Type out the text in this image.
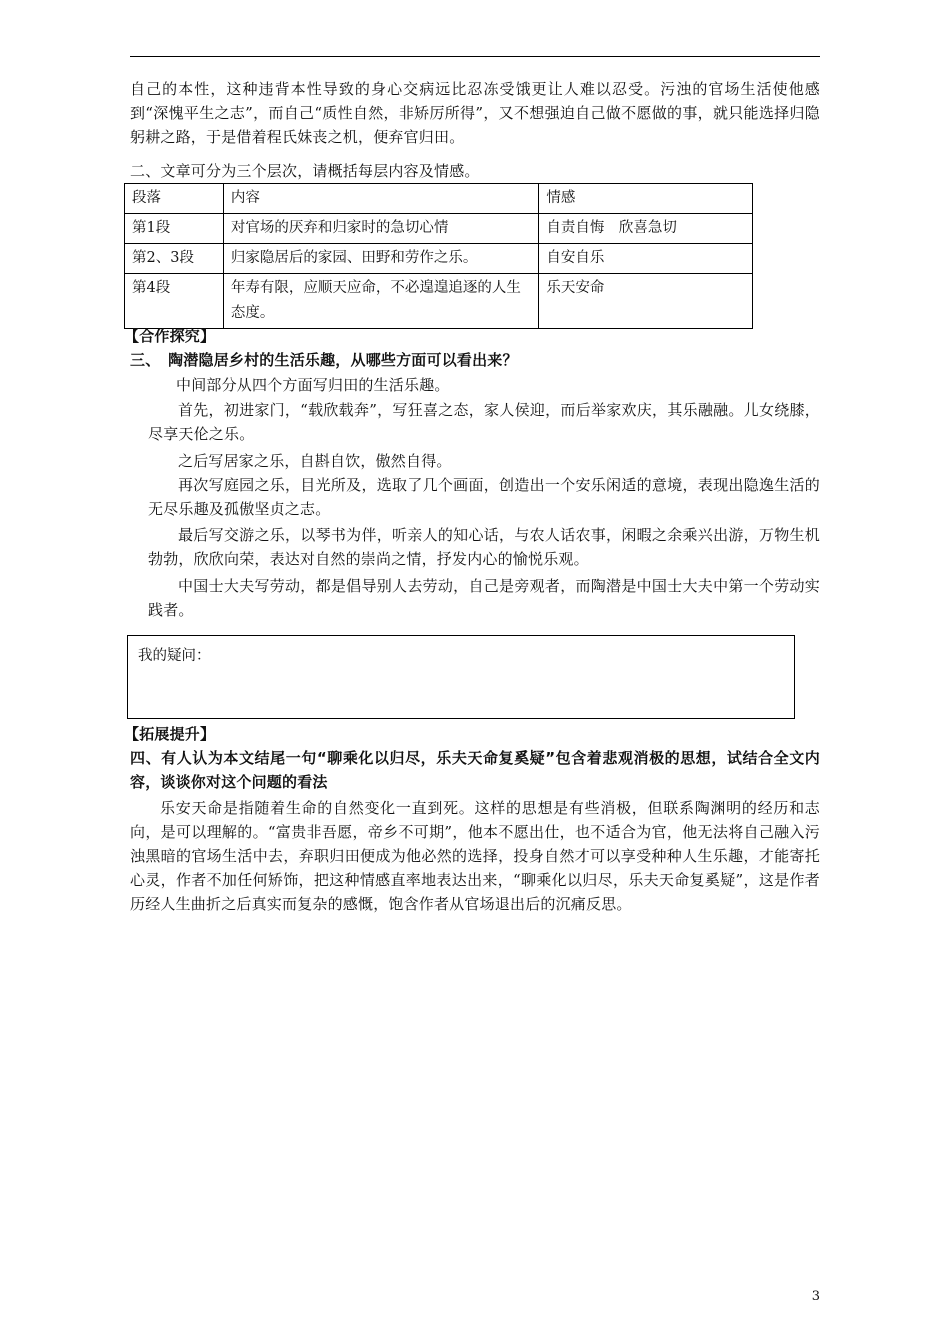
自己的本性，这种违背本性导致的身心交病远比忍冻受饿更让人难以忍受。污浊的官场生活使他感到“深愧平生之志”，而自己“质性自然，非矫厉所得”，又不想强迫自己做不愿做的事，就只能选择归隐躬耕之路，于是借着程氏妹丧之机，便弃官归田。
二、文章可分为三个层次，请概括每层内容及情感。
段落	内容	情感
第1段	对官场的厌弃和归家时的急切心情	自责自悔　欣喜急切
第2、3段	归家隐居后的家园、田野和劳作之乐。	自安自乐
第4段	年寿有限，应顺天应命，不必遑遑追逐的人生态度。	乐天安命
【合作探究】
三、　陶潜隐居乡村的生活乐趣，从哪些方面可以看出来？
中间部分从四个方面写归田的生活乐趣。
首先，初进家门，“载欣载奔”，写狂喜之态，家人侯迎，而后举家欢庆，其乐融融。儿女绕膝，尽享天伦之乐。
之后写居家之乐，自斟自饮，傲然自得。
再次写庭园之乐，目光所及，选取了几个画面，创造出一个安乐闲适的意境，表现出隐逸生活的无尽乐趣及孤傲坚贞之志。
最后写交游之乐，以琴书为伴，听亲人的知心话，与农人话农事，闲暇之余乘兴出游，万物生机勃勃，欣欣向荣，表达对自然的崇尚之情，抒发内心的愉悦乐观。
中国士大夫写劳动，都是倡导别人去劳动，自己是旁观者，而陶潜是中国士大夫中第一个劳动实践者。
我的疑问：
【拓展提升】
四、有人认为本文结尾一句“聊乘化以归尽，乐夫天命复奚疑”包含着悲观消极的思想，试结合全文内容，谈谈你对这个问题的看法
乐安天命是指随着生命的自然变化一直到死。这样的思想是有些消极，但联系陶渊明的经历和志向，是可以理解的。“富贵非吾愿，帝乡不可期”，他本不愿出仕，也不适合为官，他无法将自己融入污浊黑暗的官场生活中去，弃职归田便成为他必然的选择，投身自然才可以享受种种人生乐趣，才能寄托心灵，作者不加任何矫饰，把这种情感直率地表达出来，“聊乘化以归尽，乐夫天命复奚疑”，这是作者历经人生曲折之后真实而复杂的感慨，饱含作者从官场退出后的沉痛反思。
3
